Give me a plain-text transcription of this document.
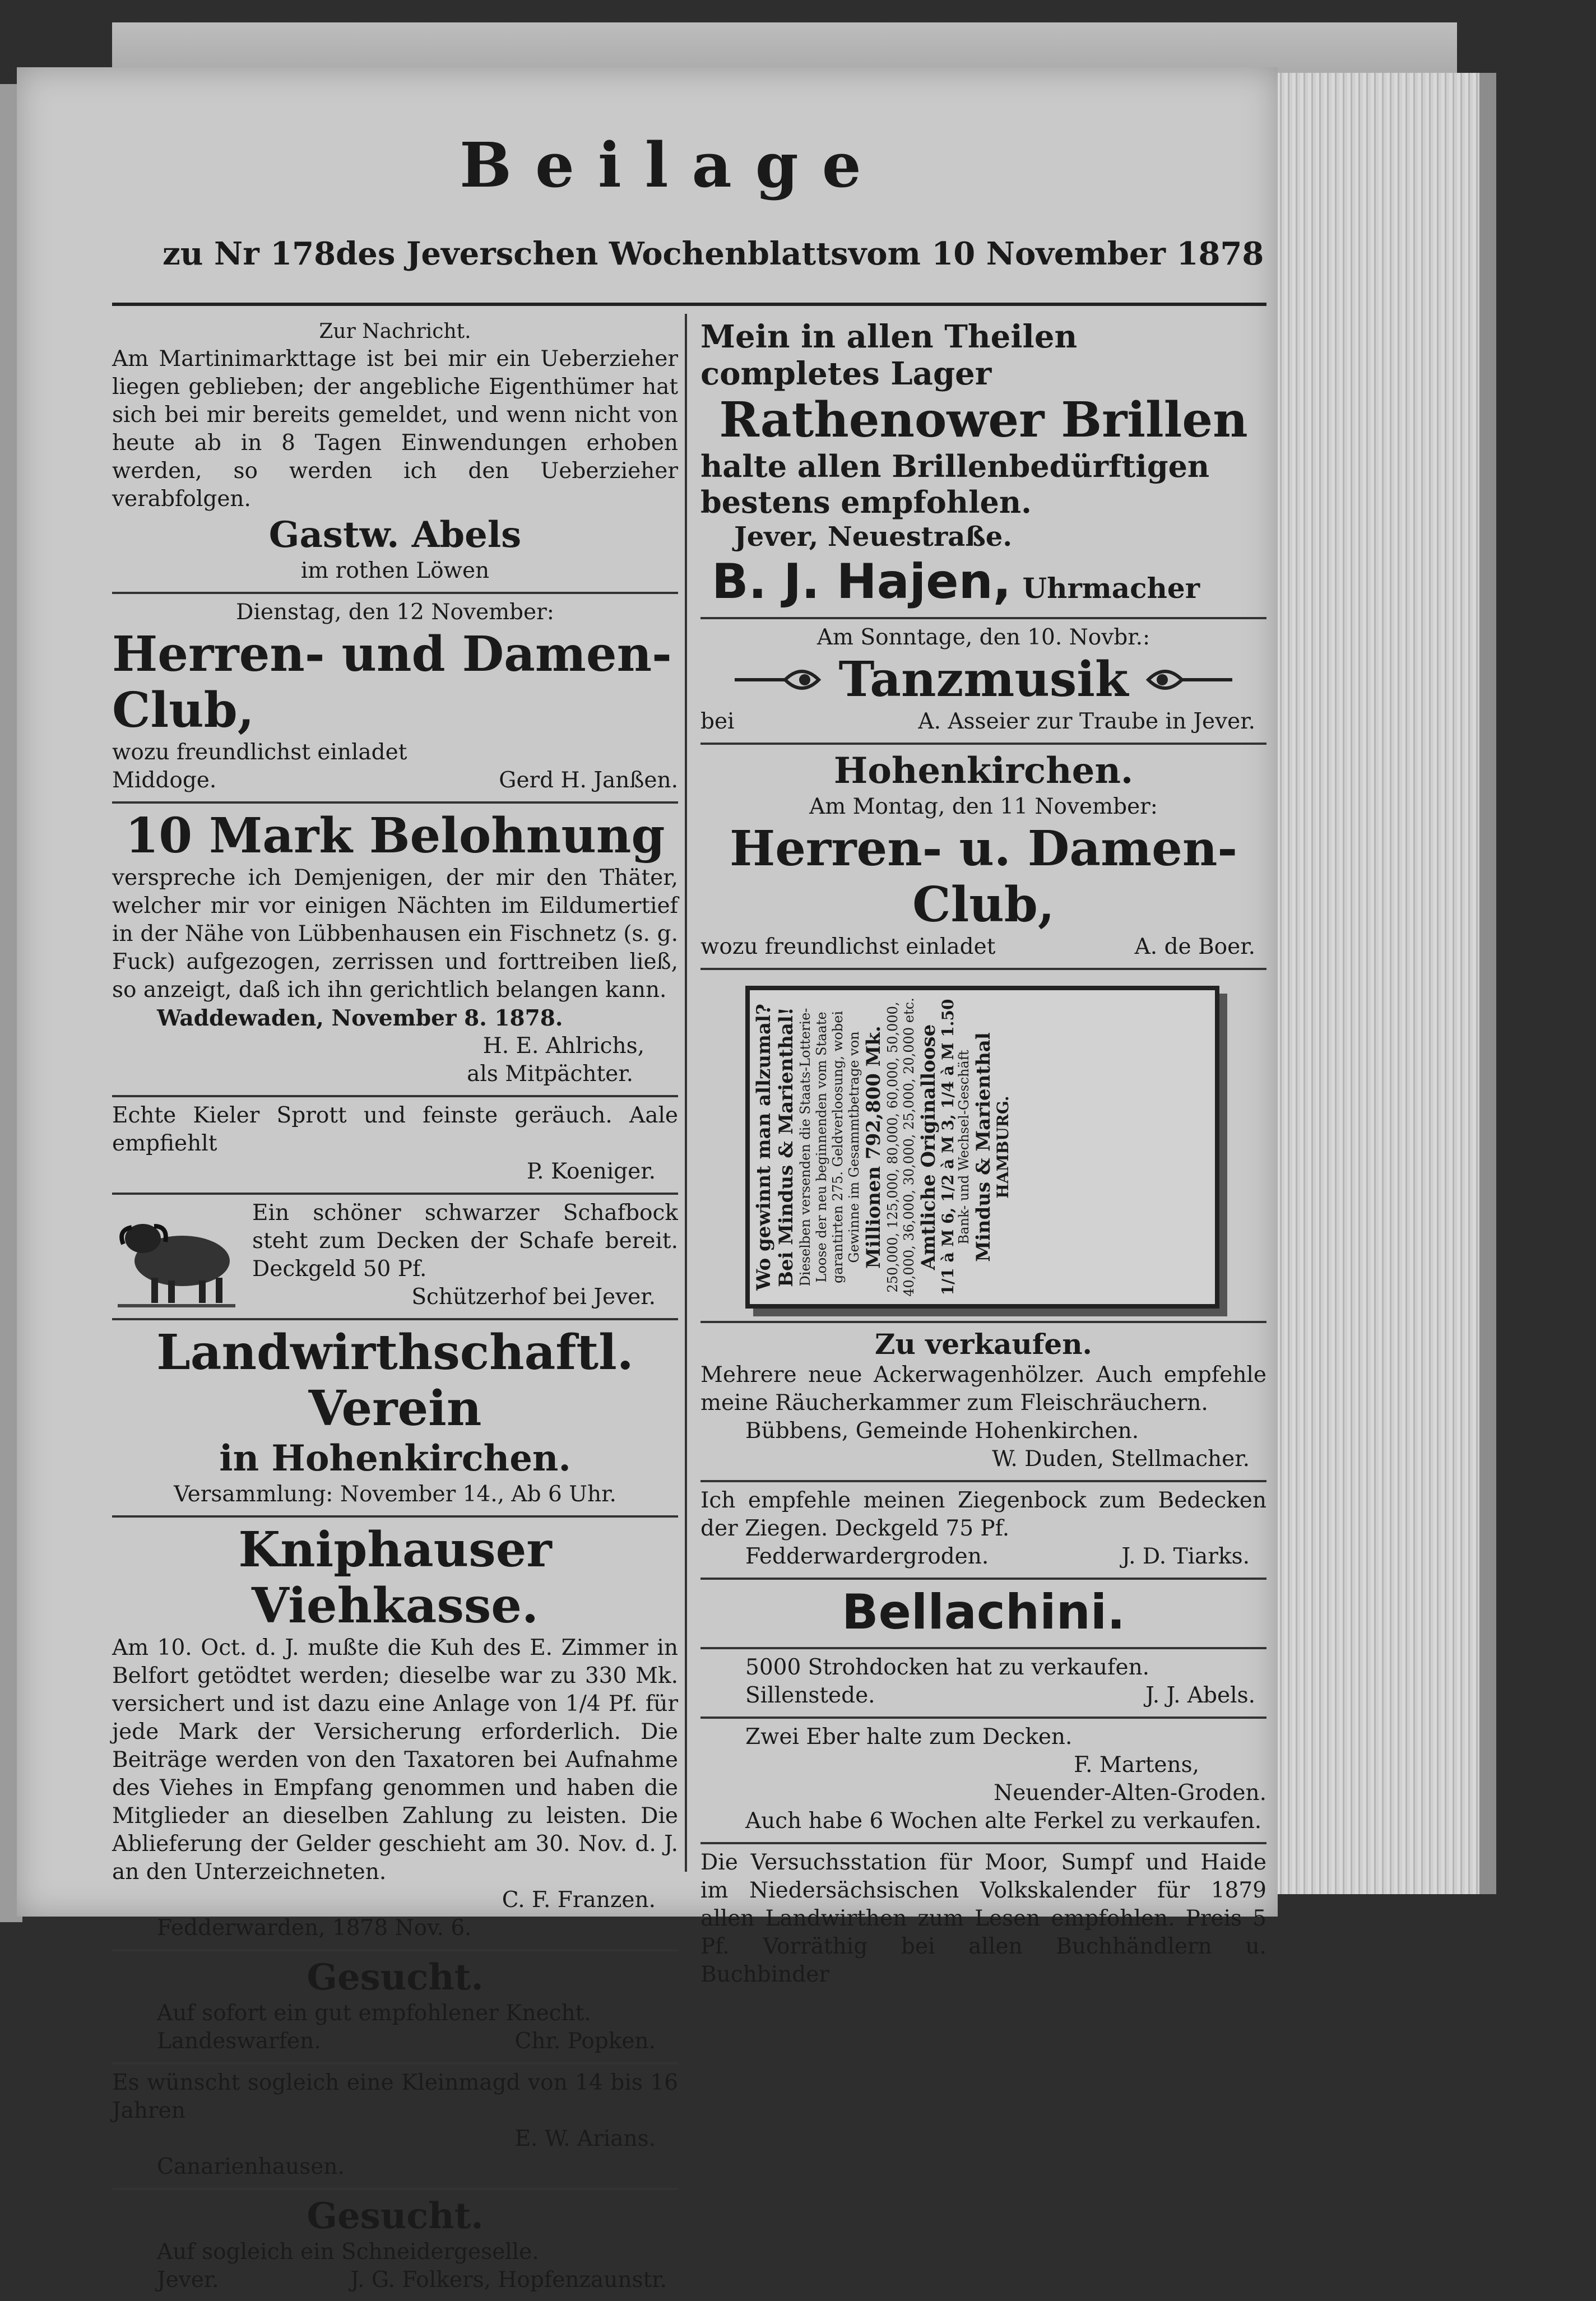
Beilage
zu Nr 178 des Jeverschen Wochenblatts vom 10 November 1878
Zur Nachricht.
Am Martinimarkttage ist bei mir ein Ueberzieher liegen geblieben; der angebliche Eigenthümer hat sich bei mir bereits gemeldet, und wenn nicht von heute ab in 8 Tagen Einwendungen erhoben werden, so werden ich den Ueberzieher verabfolgen.
Gastw. Abels
im rothen Löwen
Dienstag, den 12 November:
Herren- und Damen-Club,
wozu freundlichst einladet
Middoge.	Gerd H. Janßen.
10 Mark Belohnung
verspreche ich Demjenigen, der mir den Thäter, welcher mir vor einigen Nächten im Eildumertief in der Nähe von Lübbenhausen ein Fischnetz (s. g. Fuck) aufgezogen, zerrissen und forttreiben ließ, so anzeigt, daß ich ihn gerichtlich belangen kann.
Waddewaden, November 8. 1878.
H. E. Ahlrichs,
als Mitpächter.
Echte Kieler Sprott und feinste geräuch. Aale empfiehlt
P. Koeniger.
Ein schöner schwarzer Schafbock steht zum Decken der Schafe bereit. Deckgeld 50 Pf.
Schützerhof bei Jever.
Landwirthschaftl. Verein
in Hohenkirchen.
Versammlung: November 14., Ab 6 Uhr.
Kniphauser Viehkasse.
Am 10. Oct. d. J. mußte die Kuh des E. Zimmer in Belfort getödtet werden; dieselbe war zu 330 Mk. versichert und ist dazu eine Anlage von 1/4 Pf. für jede Mark der Versicherung erforderlich. Die Beiträge werden von den Taxatoren bei Aufnahme des Viehes in Empfang genommen und haben die Mitglieder an dieselben Zahlung zu leisten. Die Ablieferung der Gelder geschieht am 30. Nov. d. J. an den Unterzeichneten.
C. F. Franzen.
Fedderwarden, 1878 Nov. 6.
Gesucht.
Auf sofort ein gut empfohlener Knecht.
Landeswarfen.	Chr. Popken.
Es wünscht sogleich eine Kleinmagd von 14 bis 16 Jahren
E. W. Arians.
Canarienhausen.
Gesucht.
Auf sogleich ein Schneidergeselle.
Jever.	J. G. Folkers, Hopfenzaunstr.
Mein in allen Theilen completes Lager
Rathenower Brillen
halte allen Brillenbedürftigen bestens empfohlen.
Jever, Neuestraße.
B. J. Hajen, Uhrmacher
Am Sonntage, den 10. Novbr.:
Tanzmusik
bei	A. Asseier zur Traube in Jever.
Hohenkirchen.
Am Montag, den 11 November:
Herren- u. Damen-Club,
wozu freundlichst einladet	A. de Boer.
Wo gewinnt man allzumal? Bei Mindus & Marienthal! Dieselben versenden die Staats-Lotterie-Loose der neu beginnenden vom Staate garantirten 275. Geldverloosung, wobei Gewinne im Gesammtbetrage von Millionen 792,800 Mk. 250,000, 125,000, 80,000, 60,000, 50,000, 40,000, 36,000, 30,000, 25,000, 20,000 etc. Amtliche Originalloose
1/1 à M 6, 1/2 à M 3, 1/4 à M 1.50
Bank- und Wechsel-Geschäft Mindus & Marienthal
HAMBURG.
Zu verkaufen.
Mehrere neue Ackerwagenhölzer. Auch empfehle meine Räucherkammer zum Fleischräuchern.
Bübbens, Gemeinde Hohenkirchen.
W. Duden, Stellmacher.
Ich empfehle meinen Ziegenbock zum Bedecken der Ziegen. Deckgeld 75 Pf.
Fedderwardergroden.	J. D. Tiarks.
Bellachini.
5000 Strohdocken hat zu verkaufen.
Sillenstede.	J. J. Abels.
Zwei Eber halte zum Decken.
F. Martens,
Neuender-Alten-Groden.
Auch habe 6 Wochen alte Ferkel zu verkaufen.
Die Versuchsstation für Moor, Sumpf und Haide im Niedersächsischen Volkskalender für 1879 allen Landwirthen zum Lesen empfohlen. Preis 5 Pf. Vorräthig bei allen Buchhändlern u. Buchbinder
